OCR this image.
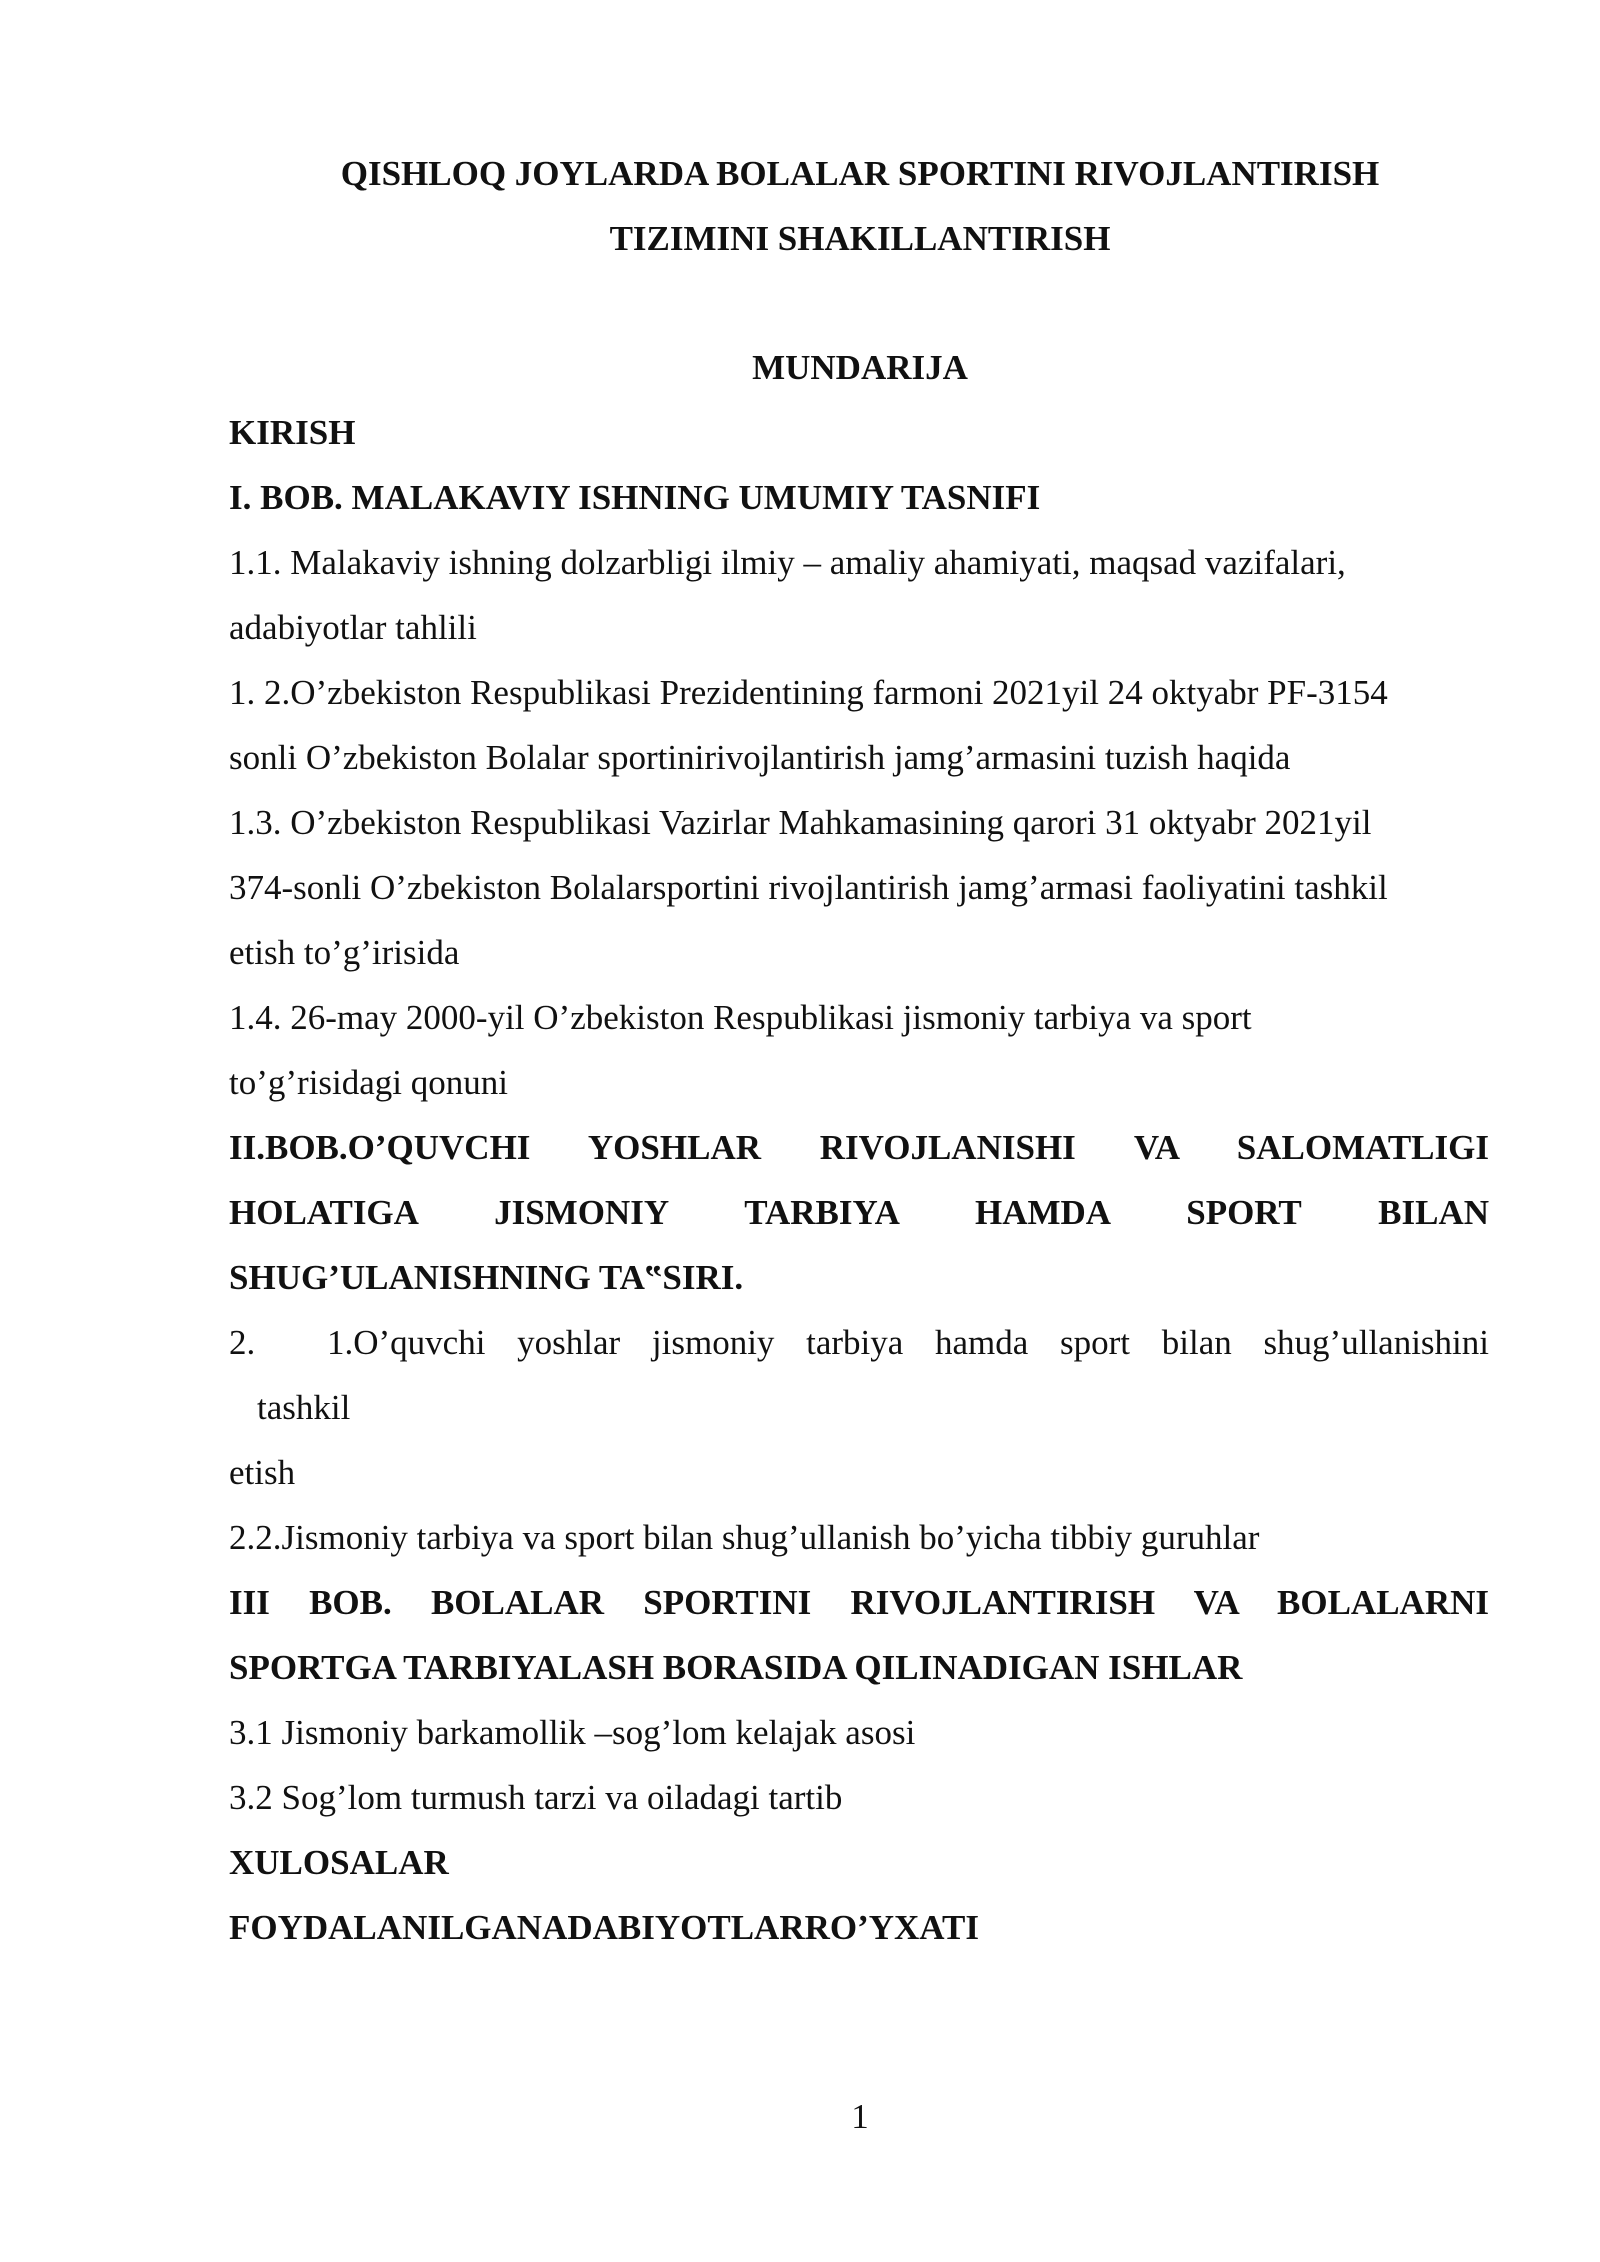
QISHLOQ JOYLARDA BOLALAR SPORTINI RIVOJLANTIRISH
TIZIMINI SHAKILLANTIRISH
MUNDARIJA
KIRISH
I. BOB. MALAKAVIY ISHNING UMUMIY TASNIFI
1.1. Malakaviy ishning dolzarbligi ilmiy – amaliy ahamiyati, maqsad vazifalari,
adabiyotlar tahlili
1. 2.O’zbekiston Respublikasi Prezidentining farmoni 2021yil 24 oktyabr PF-3154
sonli O’zbekiston Bolalar sportinirivojlantirish jamg’armasini tuzish haqida
1.3. O’zbekiston Respublikasi Vazirlar Mahkamasining qarori 31 oktyabr 2021yil
374-sonli O’zbekiston Bolalarsportini rivojlantirish jamg’armasi faoliyatini tashkil
etish to’g’irisida
1.4. 26-may 2000-yil O’zbekiston Respublikasi jismoniy tarbiya va sport
to’g’risidagi qonuni
II.BOB.O’QUVCHI YOSHLAR RIVOJLANISHI VA SALOMATLIGI
HOLATIGA JISMONIY TARBIYA HAMDA SPORT BILAN
SHUG’ULANISHNING TA‟SIRI.
2. 1.O’quvchi yoshlar jismoniy tarbiya hamda sport bilan shug’ullanishini
tashkil
etish
2.2.Jismoniy tarbiya va sport bilan shug’ullanish bo’yicha tibbiy guruhlar
III BOB. BOLALAR SPORTINI RIVOJLANTIRISH VA BOLALARNI
SPORTGA TARBIYALASH BORASIDA QILINADIGAN ISHLAR
3.1 Jismoniy barkamollik –sog’lom kelajak asosi
3.2 Sog’lom turmush tarzi va oiladagi tartib
XULOSALAR
FOYDALANILGANADABIYOTLARRO’YXATI
1
